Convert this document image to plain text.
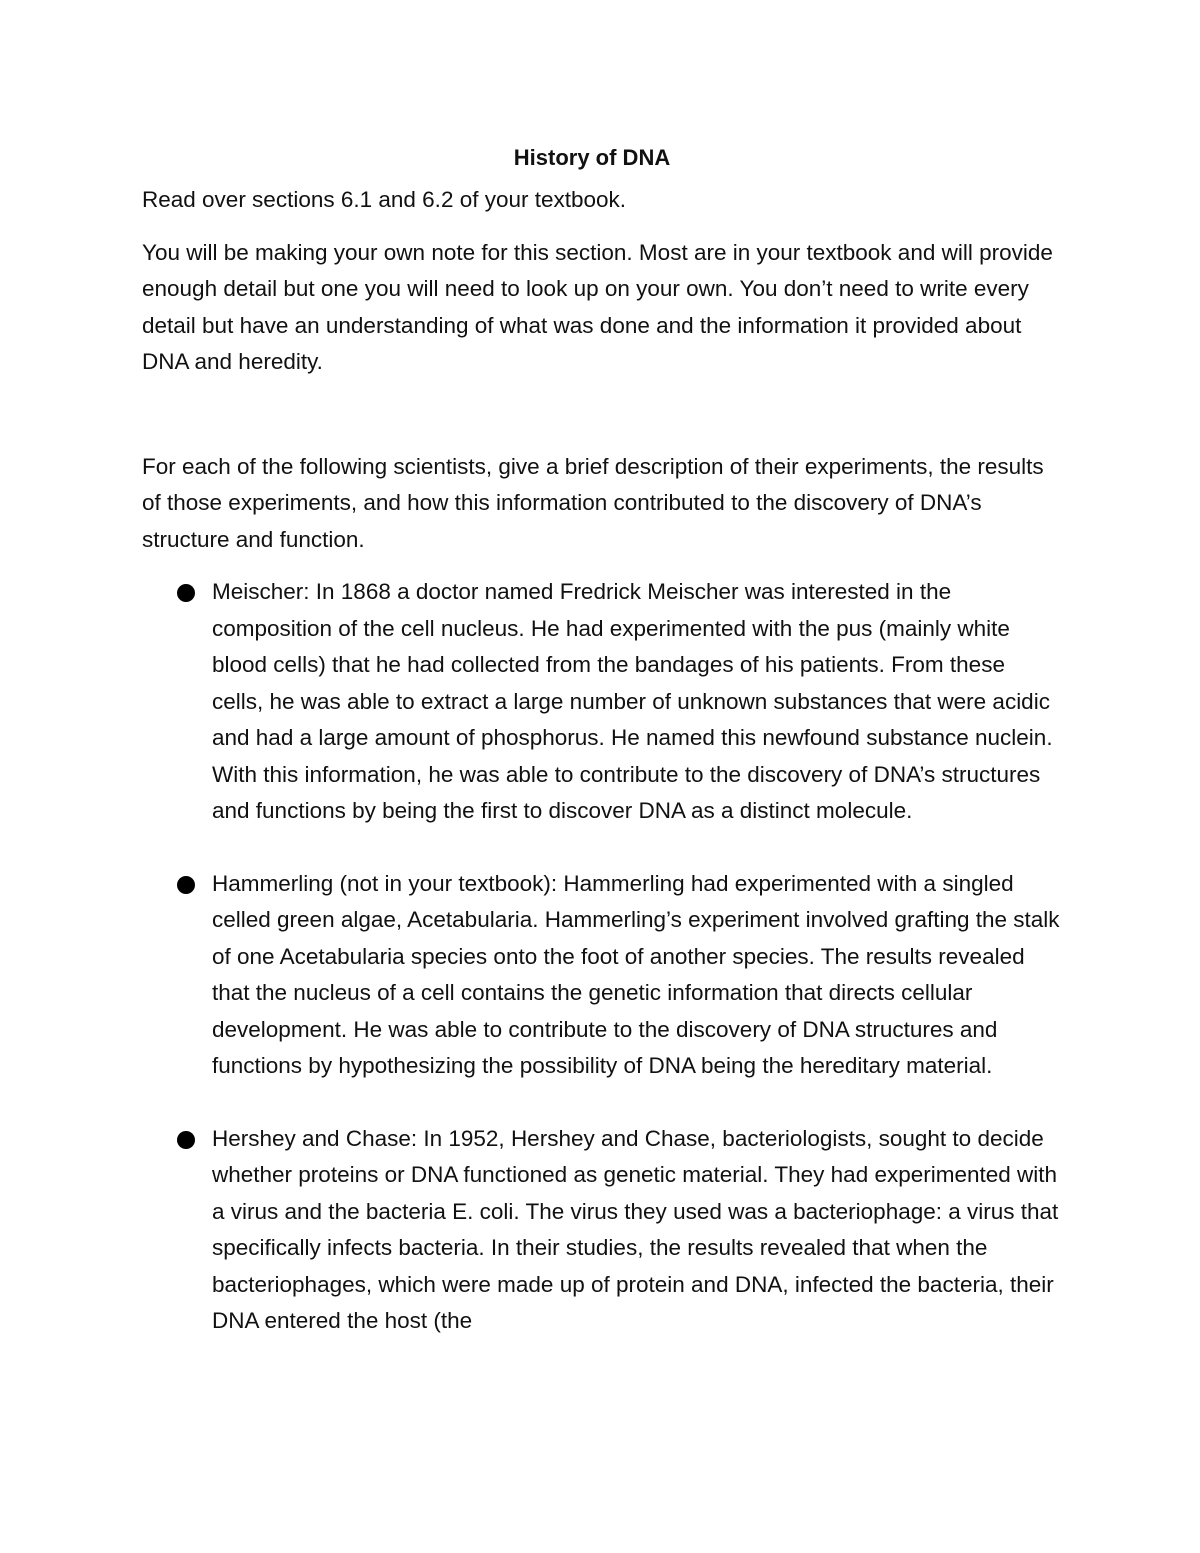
History of DNA

Read over sections 6.1 and 6.2 of your textbook.

You will be making your own note for this section. Most are in your textbook and will provide enough detail but one you will need to look up on your own. You don’t need to write every detail but have an understanding of what was done and the information it provided about DNA and heredity.

For each of the following scientists, give a brief description of their experiments, the results of those experiments, and how this information contributed to the discovery of DNA’s structure and function.

Meischer: In 1868 a doctor named Fredrick Meischer was interested in the composition of the cell nucleus. He had experimented with the pus (mainly white blood cells) that he had collected from the bandages of his patients. From these cells, he was able to extract a large number of unknown substances that were acidic and had a large amount of phosphorus. He named this newfound substance nuclein. With this information, he was able to contribute to the discovery of DNA’s structures and functions by being the first to discover DNA as a distinct molecule.
Hammerling (not in your textbook): Hammerling had experimented with a singled celled green algae, Acetabularia. Hammerling’s experiment involved grafting the stalk of one Acetabularia species onto the foot of another species. The results revealed that the nucleus of a cell contains the genetic information that directs cellular development. He was able to contribute to the discovery of DNA structures and functions by hypothesizing the possibility of DNA being the hereditary material.
Hershey and Chase: In 1952, Hershey and Chase, bacteriologists, sought to decide whether proteins or DNA functioned as genetic material. They had experimented with a virus and the bacteria E. coli. The virus they used was a bacteriophage: a virus that specifically infects bacteria. In their studies, the results revealed that when the bacteriophages, which were made up of protein and DNA, infected the bacteria, their DNA entered the host (the
